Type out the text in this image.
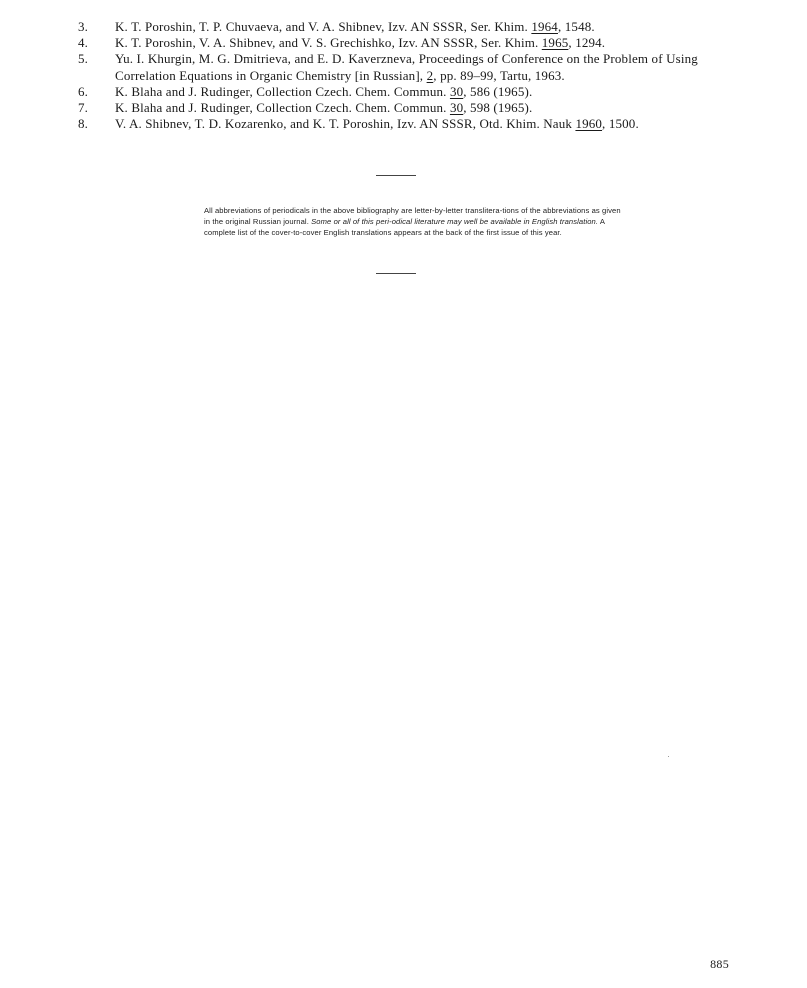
3.	K. T. Poroshin, T. P. Chuvaeva, and V. A. Shibnev, Izv. AN SSSR, Ser. Khim. 1964, 1548.
4.	K. T. Poroshin, V. A. Shibnev, and V. S. Grechishko, Izv. AN SSSR, Ser. Khim. 1965, 1294.
5.	Yu. I. Khurgin, M. G. Dmitrieva, and E. D. Kaverzneva, Proceedings of Conference on the Problem of Using Correlation Equations in Organic Chemistry [in Russian], 2, pp. 89–99, Tartu, 1963.
6.	K. Blaha and J. Rudinger, Collection Czech. Chem. Commun. 30, 586 (1965).
7.	K. Blaha and J. Rudinger, Collection Czech. Chem. Commun. 30, 598 (1965).
8.	V. A. Shibnev, T. D. Kozarenko, and K. T. Poroshin, Izv. AN SSSR, Otd. Khim. Nauk 1960, 1500.
All abbreviations of periodicals in the above bibliography are letter-by-letter translitera-tions of the abbreviations as given in the original Russian journal. Some or all of this peri-odical literature may well be available in English translation. A complete list of the cover-to-cover English translations appears at the back of the first issue of this year.
885
